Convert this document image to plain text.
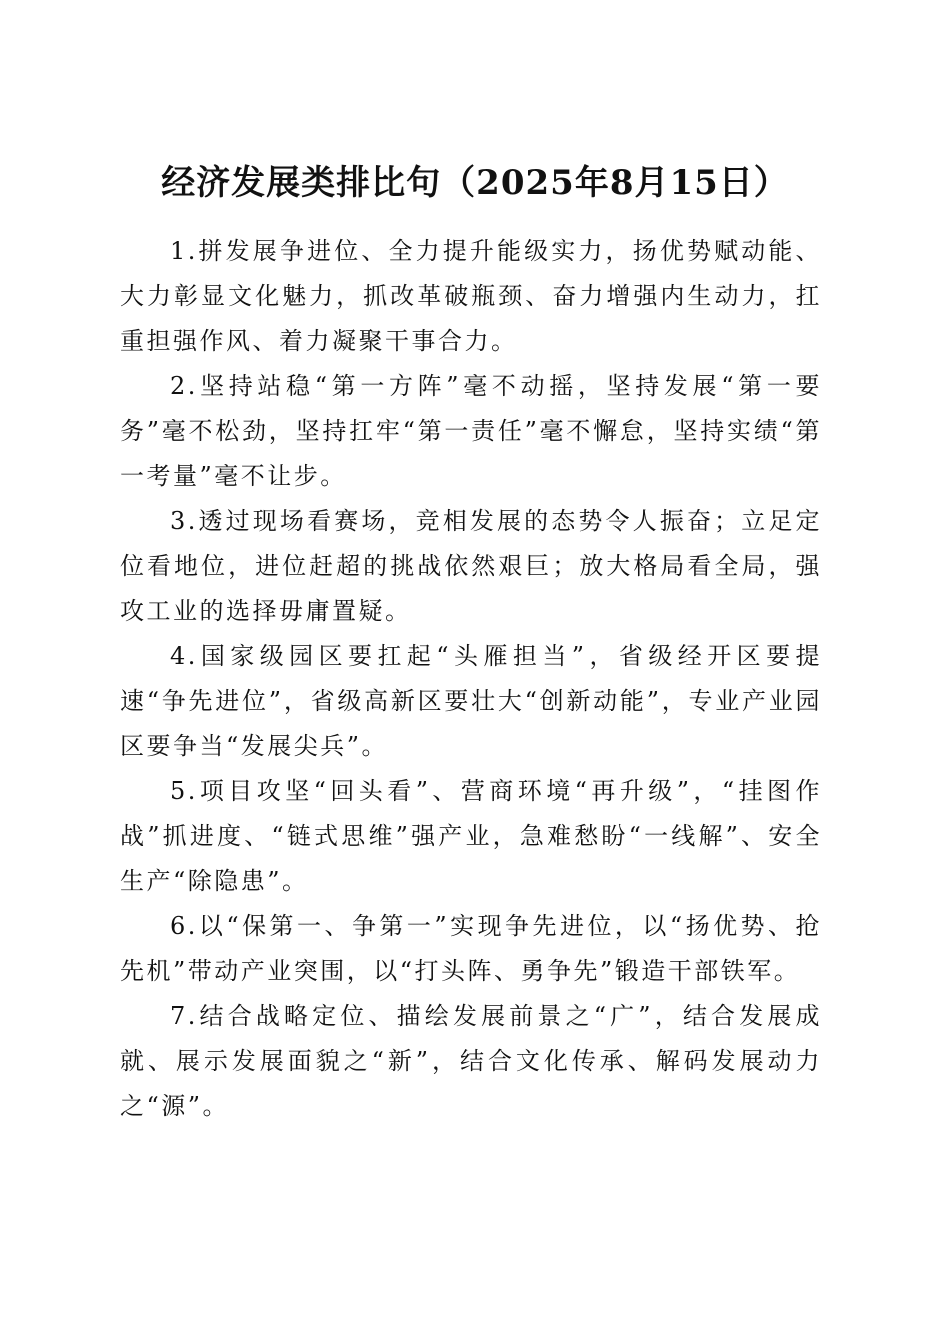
经济发展类排比句（2025年8月15日）

1.拼发展争进位、全力提升能级实力，扬优势赋动能、大力彰显文化魅力，抓改革破瓶颈、奋力增强内生动力，扛重担强作风、着力凝聚干事合力。

2.坚持站稳“第一方阵”毫不动摇，坚持发展“第一要务”毫不松劲，坚持扛牢“第一责任”毫不懈怠，坚持实绩“第一考量”毫不让步。

3.透过现场看赛场，竞相发展的态势令人振奋；立足定位看地位，进位赶超的挑战依然艰巨；放大格局看全局，强攻工业的选择毋庸置疑。

4.国家级园区要扛起“头雁担当”，省级经开区要提速“争先进位”，省级高新区要壮大“创新动能”，专业产业园区要争当“发展尖兵”。

5.项目攻坚“回头看”、营商环境“再升级”，“挂图作战”抓进度、“链式思维”强产业，急难愁盼“一线解”、安全生产“除隐患”。

6.以“保第一、争第一”实现争先进位，以“扬优势、抢先机”带动产业突围，以“打头阵、勇争先”锻造干部铁军。

7.结合战略定位、描绘发展前景之“广”，结合发展成就、展示发展面貌之“新”，结合文化传承、解码发展动力之“源”。
